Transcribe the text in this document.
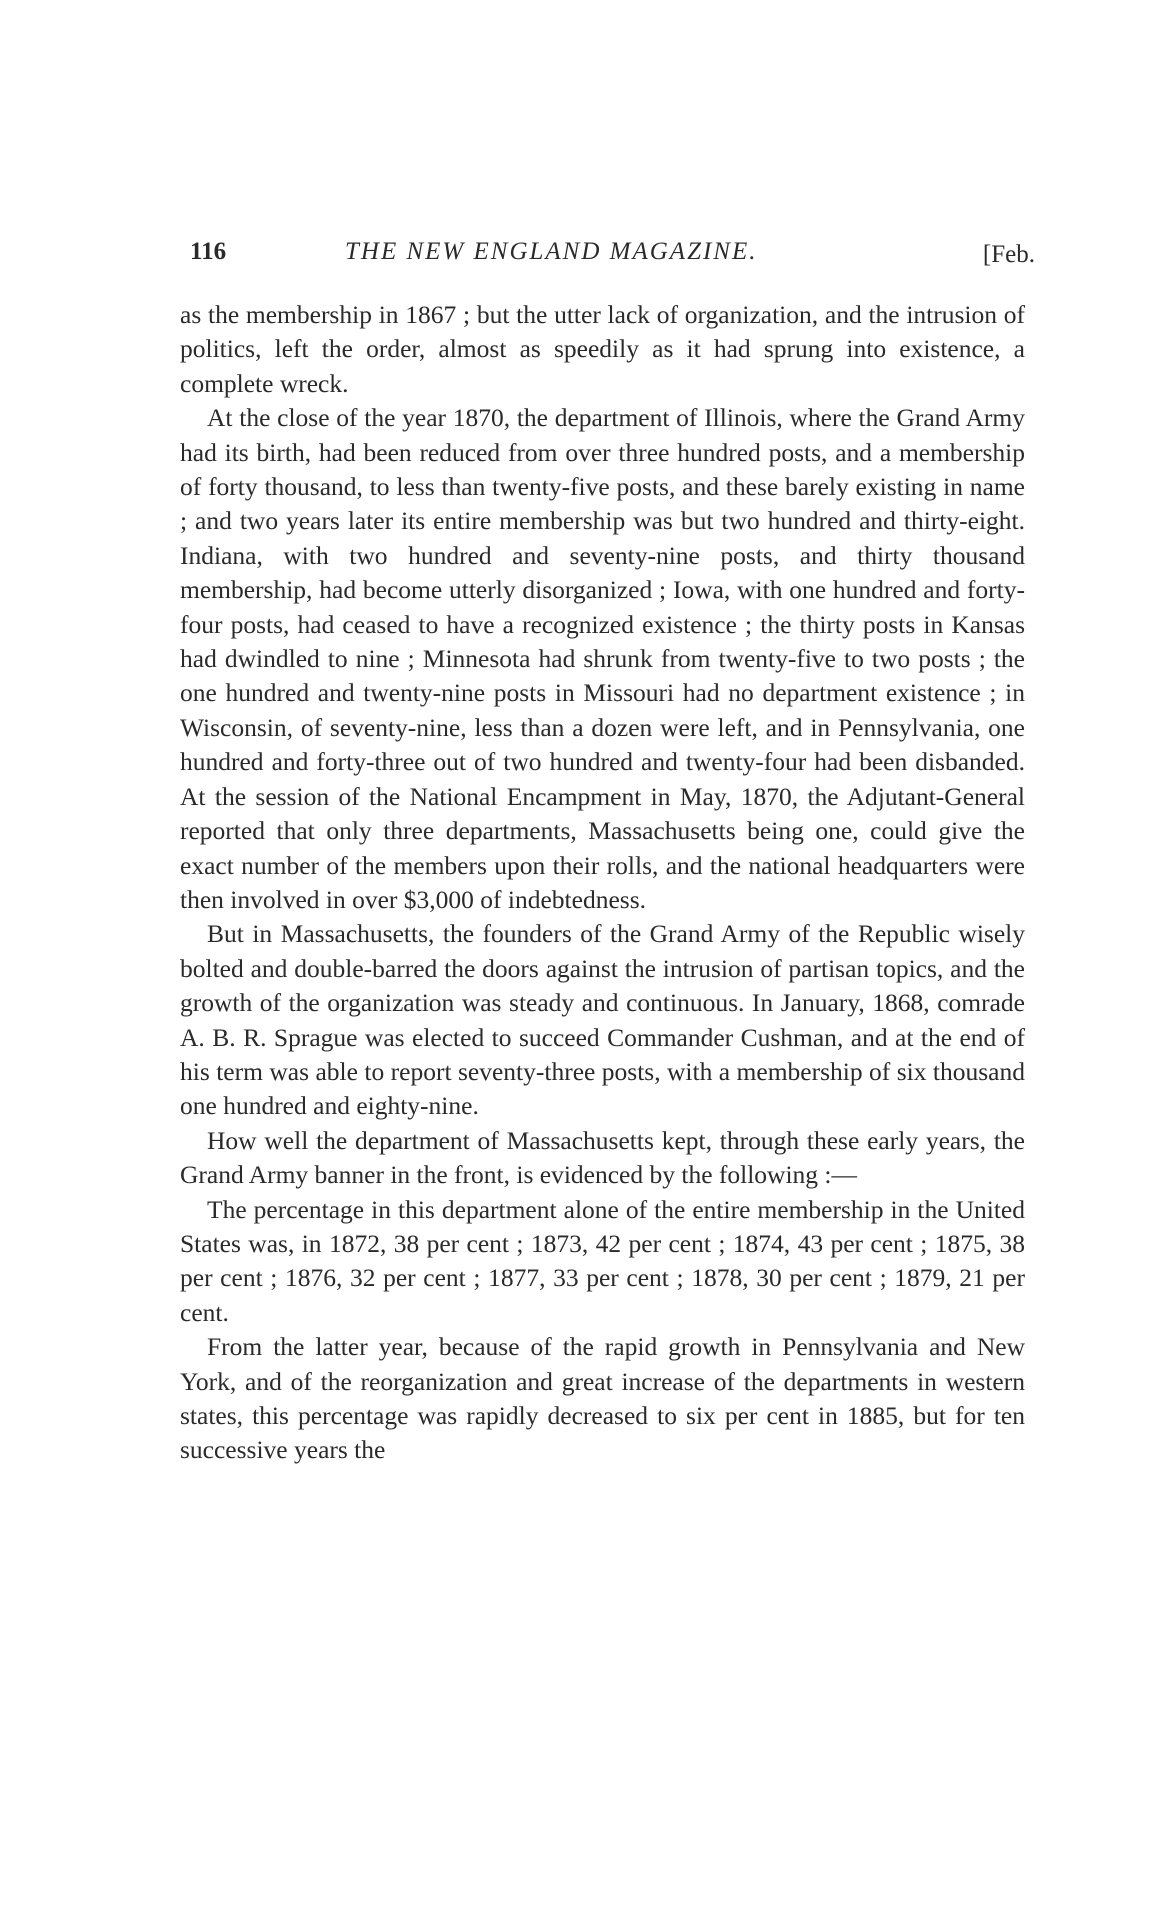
116	THE NEW ENGLAND MAGAZINE.	[Feb.

as the membership in 1867 ; but the utter lack of organization, and the intrusion of politics, left the order, almost as speedily as it had sprung into existence, a complete wreck.

At the close of the year 1870, the department of Illinois, where the Grand Army had its birth, had been reduced from over three hundred posts, and a membership of forty thousand, to less than twenty-five posts, and these barely existing in name ; and two years later its entire membership was but two hundred and thirty-eight. Indiana, with two hundred and seventy-nine posts, and thirty thousand membership, had become utterly disorganized ; Iowa, with one hundred and forty-four posts, had ceased to have a recognized existence ; the thirty posts in Kansas had dwindled to nine ; Minnesota had shrunk from twenty-five to two posts ; the one hundred and twenty-nine posts in Missouri had no department existence ; in Wisconsin, of seventy-nine, less than a dozen were left, and in Pennsylvania, one hundred and forty-three out of two hundred and twenty-four had been disbanded. At the session of the National Encampment in May, 1870, the Adjutant-General reported that only three departments, Massachusetts being one, could give the exact number of the members upon their rolls, and the national headquarters were then involved in over $3,000 of indebtedness.

But in Massachusetts, the founders of the Grand Army of the Republic wisely bolted and double-barred the doors against the intrusion of partisan topics, and the growth of the organization was steady and continuous. In January, 1868, comrade A. B. R. Sprague was elected to succeed Commander Cushman, and at the end of his term was able to report seventy-three posts, with a membership of six thousand one hundred and eighty-nine.

How well the department of Massachusetts kept, through these early years, the Grand Army banner in the front, is evidenced by the following :—

The percentage in this department alone of the entire membership in the United States was, in 1872, 38 per cent ; 1873, 42 per cent ; 1874, 43 per cent ; 1875, 38 per cent ; 1876, 32 per cent ; 1877, 33 per cent ; 1878, 30 per cent ; 1879, 21 per cent.

From the latter year, because of the rapid growth in Pennsylvania and New York, and of the reorganization and great increase of the departments in western states, this percentage was rapidly decreased to six per cent in 1885, but for ten successive years the
